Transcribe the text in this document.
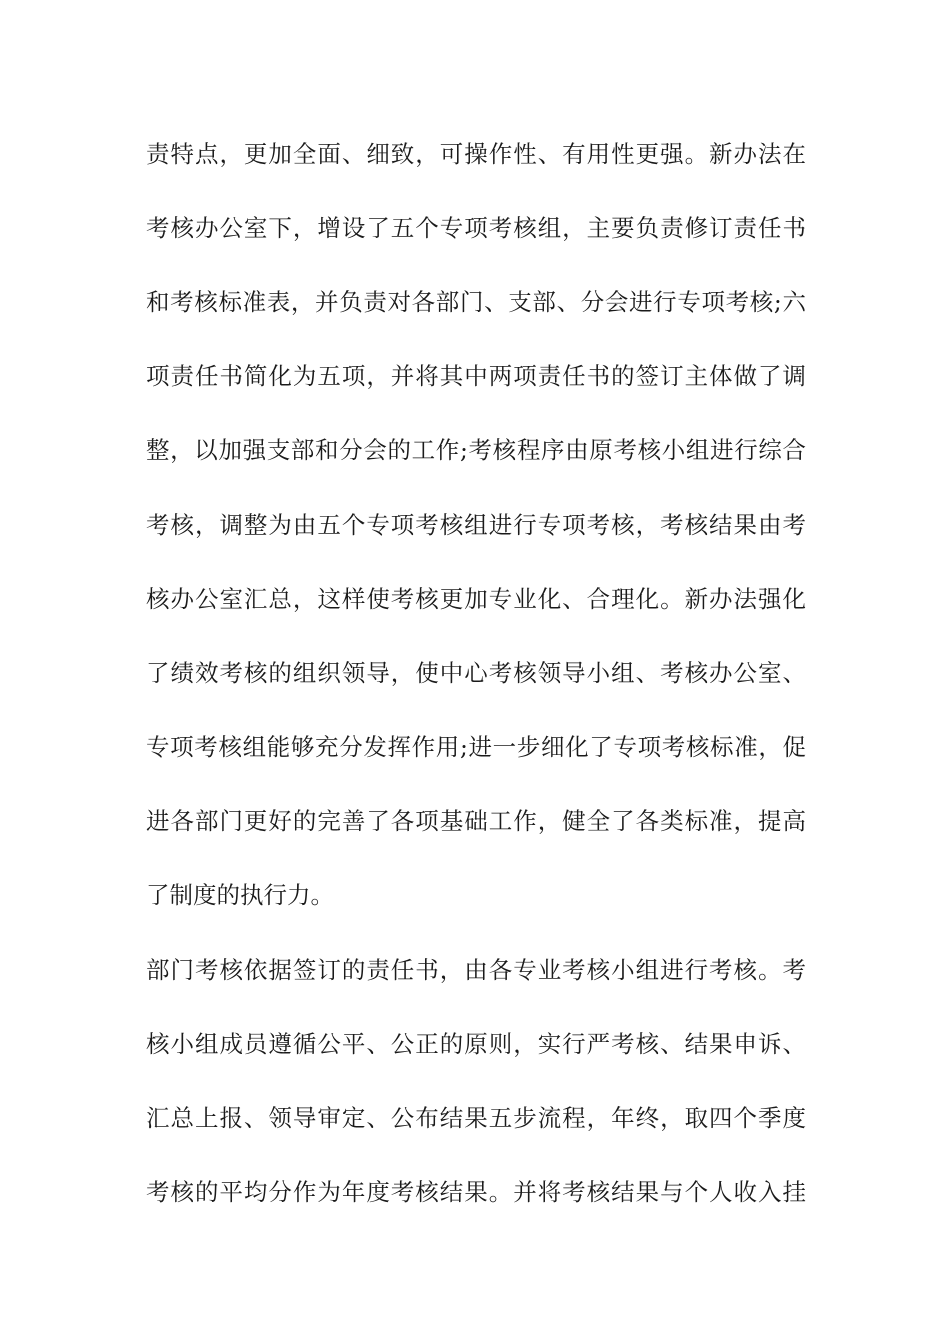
责特点，更加全面、细致，可操作性、有用性更强。新办法在
考核办公室下，增设了五个专项考核组，主要负责修订责任书
和考核标准表，并负责对各部门、支部、分会进行专项考核;六
项责任书简化为五项，并将其中两项责任书的签订主体做了调
整，以加强支部和分会的工作;考核程序由原考核小组进行综合
考核，调整为由五个专项考核组进行专项考核，考核结果由考
核办公室汇总，这样使考核更加专业化、合理化。新办法强化
了绩效考核的组织领导，使中心考核领导小组、考核办公室、
专项考核组能够充分发挥作用;进一步细化了专项考核标准，促
进各部门更好的完善了各项基础工作，健全了各类标准，提高
了制度的执行力。
部门考核依据签订的责任书，由各专业考核小组进行考核。考
核小组成员遵循公平、公正的原则，实行严考核、结果申诉、
汇总上报、领导审定、公布结果五步流程，年终，取四个季度
考核的平均分作为年度考核结果。并将考核结果与个人收入挂
